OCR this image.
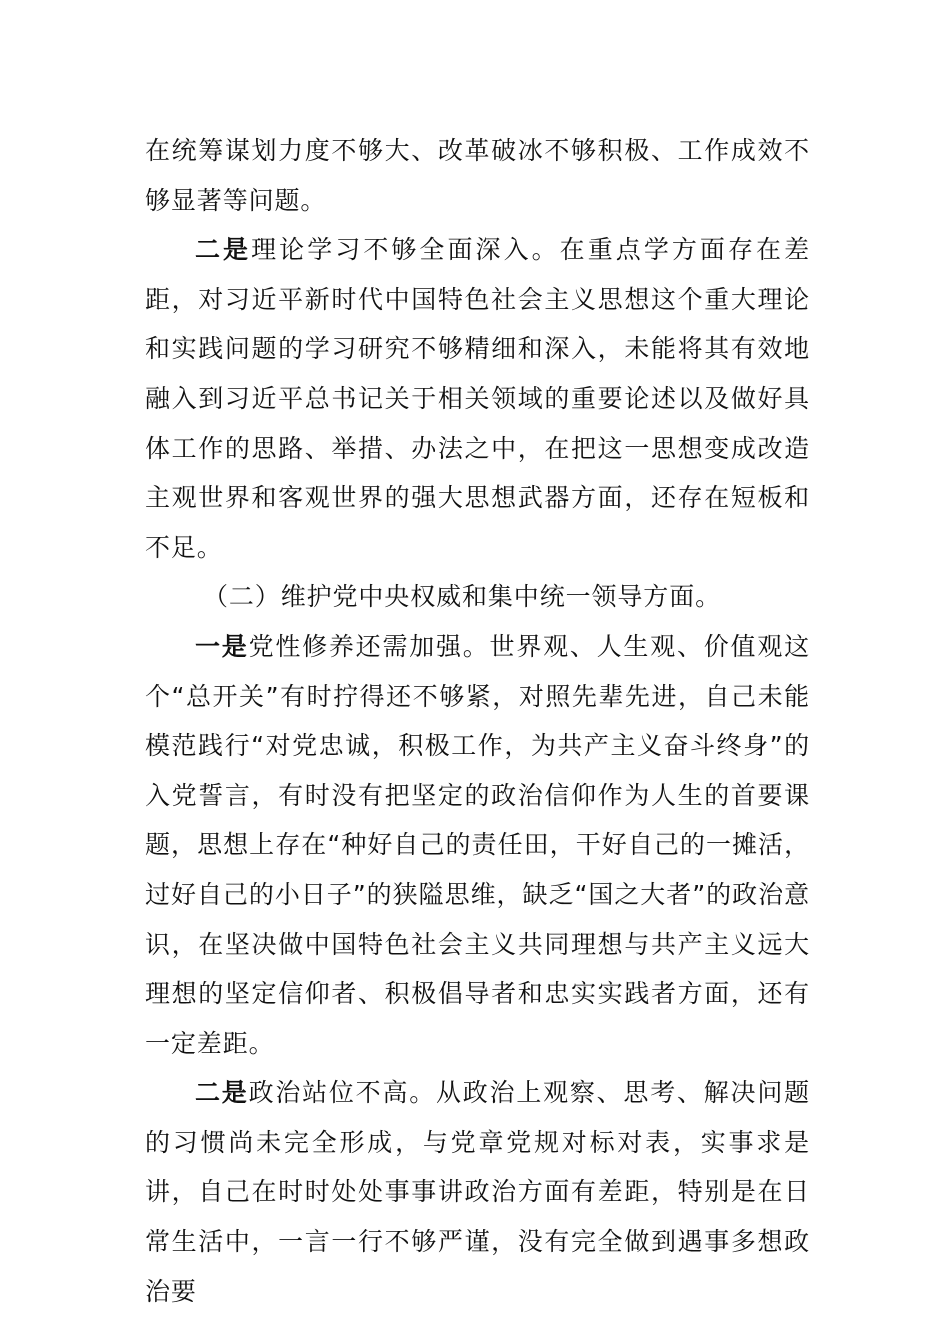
在统筹谋划力度不够大、改革破冰不够积极、工作成效不够显著等问题。

二是理论学习不够全面深入。在重点学方面存在差距，对习近平新时代中国特色社会主义思想这个重大理论和实践问题的学习研究不够精细和深入，未能将其有效地融入到习近平总书记关于相关领域的重要论述以及做好具体工作的思路、举措、办法之中，在把这一思想变成改造主观世界和客观世界的强大思想武器方面，还存在短板和不足。

（二）维护党中央权威和集中统一领导方面。

一是党性修养还需加强。世界观、人生观、价值观这个“总开关”有时拧得还不够紧，对照先辈先进，自己未能模范践行“对党忠诚，积极工作，为共产主义奋斗终身”的入党誓言，有时没有把坚定的政治信仰作为人生的首要课题，思想上存在“种好自己的责任田，干好自己的一摊活，过好自己的小日子”的狭隘思维，缺乏“国之大者”的政治意识，在坚决做中国特色社会主义共同理想与共产主义远大理想的坚定信仰者、积极倡导者和忠实实践者方面，还有一定差距。

二是政治站位不高。从政治上观察、思考、解决问题的习惯尚未完全形成，与党章党规对标对表，实事求是讲，自己在时时处处事事讲政治方面有差距，特别是在日常生活中，一言一行不够严谨，没有完全做到遇事多想政治要
